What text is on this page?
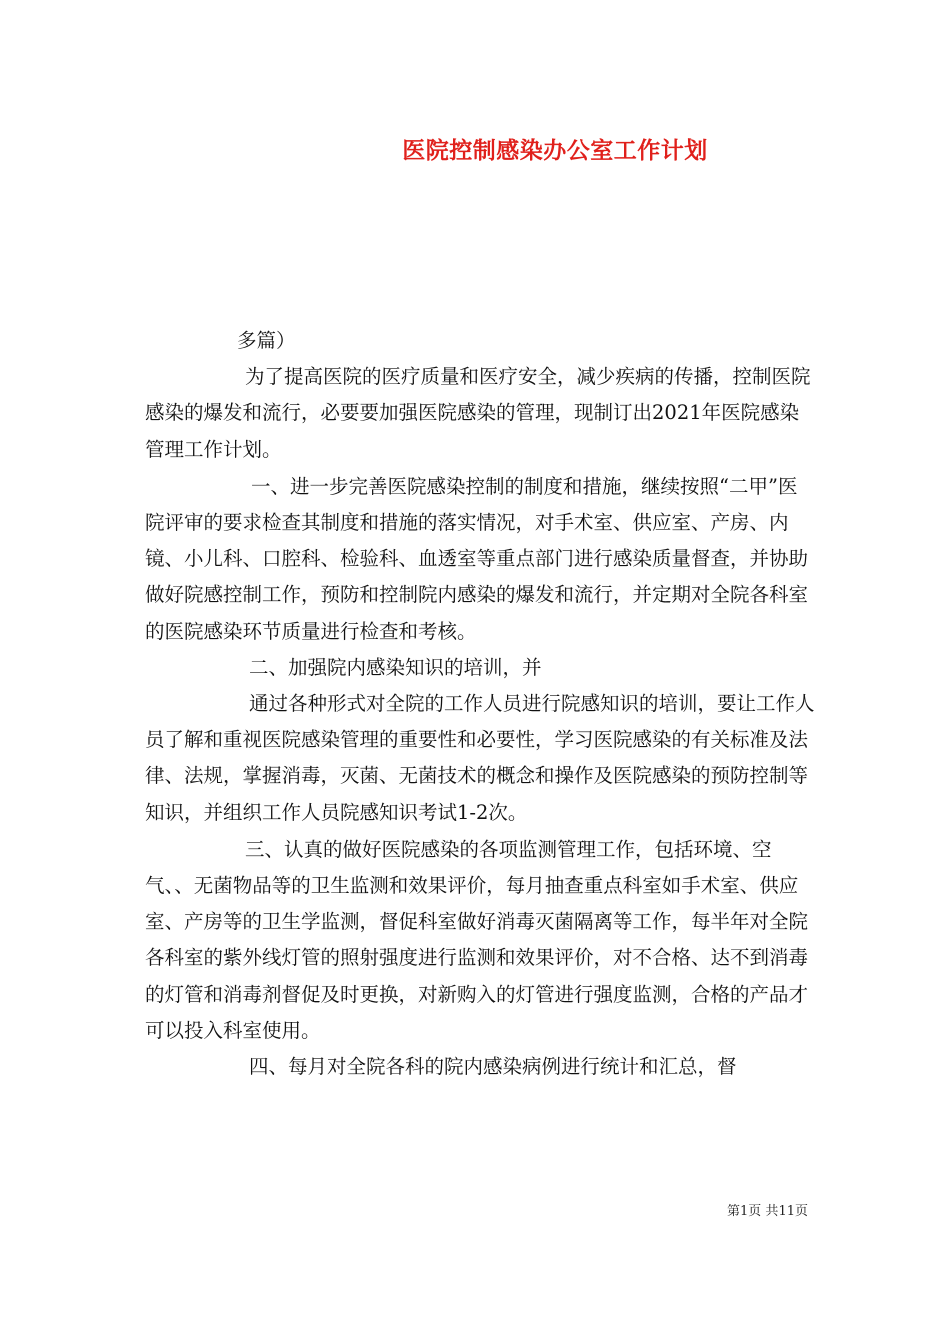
医院控制感染办公室工作计划

多篇）

为了提高医院的医疗质量和医疗安全，减少疾病的传播，控制医院感染的爆发和流行，必要要加强医院感染的管理，现制订出2021年医院感染管理工作计划。

一、进一步完善医院感染控制的制度和措施，继续按照“二甲”医院评审的要求检查其制度和措施的落实情况，对手术室、供应室、产房、内镜、小儿科、口腔科、检验科、血透室等重点部门进行感染质量督查，并协助做好院感控制工作，预防和控制院内感染的爆发和流行，并定期对全院各科室的医院感染环节质量进行检查和考核。

二、加强院内感染知识的培训，并

通过各种形式对全院的工作人员进行院感知识的培训，要让工作人员了解和重视医院感染管理的重要性和必要性，学习医院感染的有关标准及法律、法规，掌握消毒，灭菌、无菌技术的概念和操作及医院感染的预防控制等知识，并组织工作人员院感知识考试1-2次。

三、认真的做好医院感染的各项监测管理工作，包括环境、空气、、无菌物品等的卫生监测和效果评价，每月抽查重点科室如手术室、供应室、产房等的卫生学监测，督促科室做好消毒灭菌隔离等工作，每半年对全院各科室的紫外线灯管的照射强度进行监测和效果评价，对不合格、达不到消毒的灯管和消毒剂督促及时更换，对新购入的灯管进行强度监测，合格的产品才可以投入科室使用。

四、每月对全院各科的院内感染病例进行统计和汇总，督

第1页 共11页
